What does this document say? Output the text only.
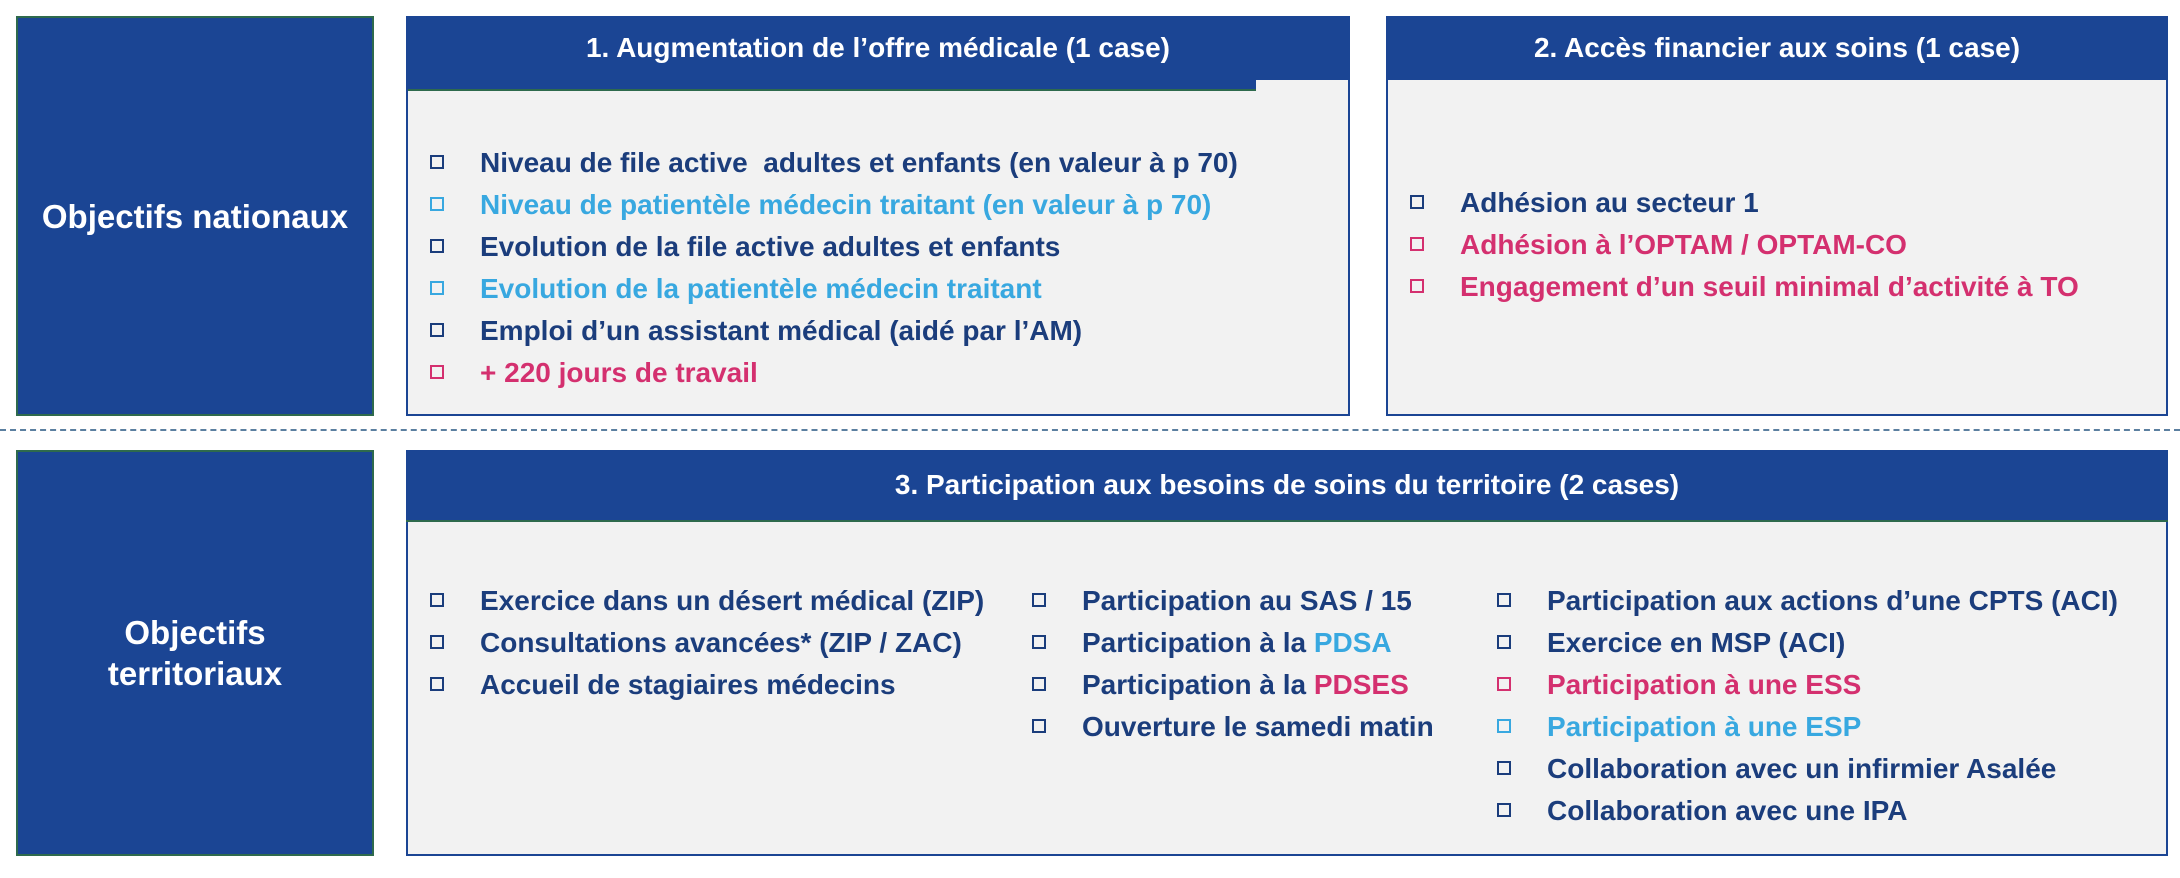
Objectifs nationaux
Objectifs
territoriaux
1. Augmentation de l’offre médicale (1 case)
Niveau de file active  adultes et enfants (en valeur à p 70)
Niveau de patientèle médecin traitant (en valeur à p 70)
Evolution de la file active adultes et enfants
Evolution de la patientèle médecin traitant
Emploi d’un assistant médical (aidé par l’AM)
+ 220 jours de travail
2. Accès financier aux soins (1 case)
Adhésion au secteur 1
Adhésion à l’OPTAM / OPTAM-CO
Engagement d’un seuil minimal d’activité à TO
3. Participation aux besoins de soins du territoire (2 cases)
Exercice dans un désert médical (ZIP)
Consultations avancées* (ZIP / ZAC)
Accueil de stagiaires médecins
Participation au SAS / 15
Participation à la PDSA
Participation à la PDSES
Ouverture le samedi matin
Participation aux actions d’une CPTS (ACI)
Exercice en MSP (ACI)
Participation à une ESS
Participation à une ESP
Collaboration avec un infirmier Asalée
Collaboration avec une IPA
